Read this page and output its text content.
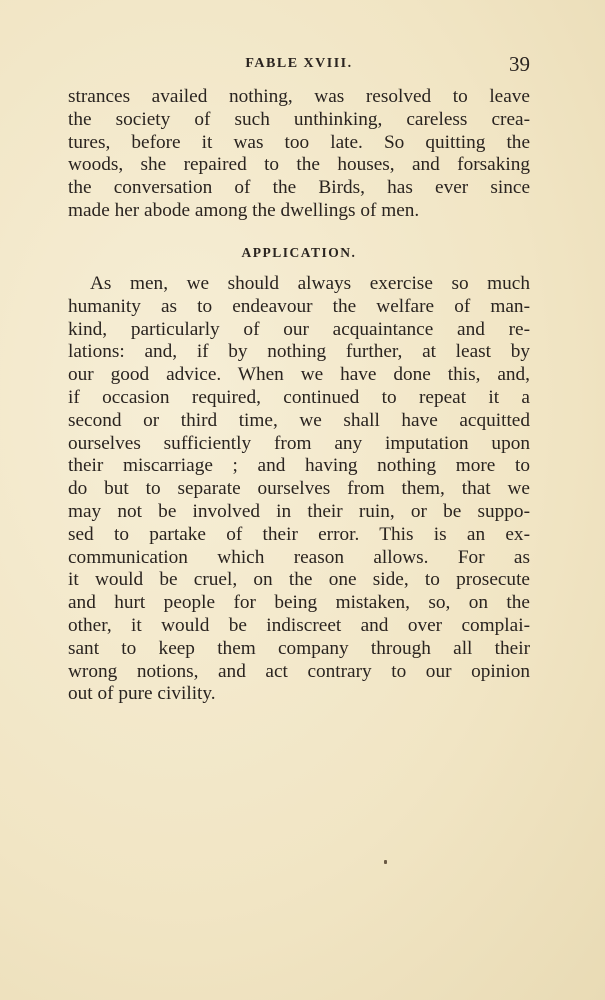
FABLE XVIII.	39
strances availed nothing, was resolved to leave
the society of such unthinking, careless crea-
tures, before it was too late. So quitting the
woods, she repaired to the houses, and forsaking
the conversation of the Birds, has ever since
made her abode among the dwellings of men.
APPLICATION.
As men, we should always exercise so much
humanity as to endeavour the welfare of man-
kind, particularly of our acquaintance and re-
lations: and, if by nothing further, at least by
our good advice. When we have done this, and,
if occasion required, continued to repeat it a
second or third time, we shall have acquitted
ourselves sufficiently from any imputation upon
their miscarriage ; and having nothing more to
do but to separate ourselves from them, that we
may not be involved in their ruin, or be suppo-
sed to partake of their error. This is an ex-
communication which reason allows. For as
it would be cruel, on the one side, to prosecute
and hurt people for being mistaken, so, on the
other, it would be indiscreet and over complai-
sant to keep them company through all their
wrong notions, and act contrary to our opinion
out of pure civility.
